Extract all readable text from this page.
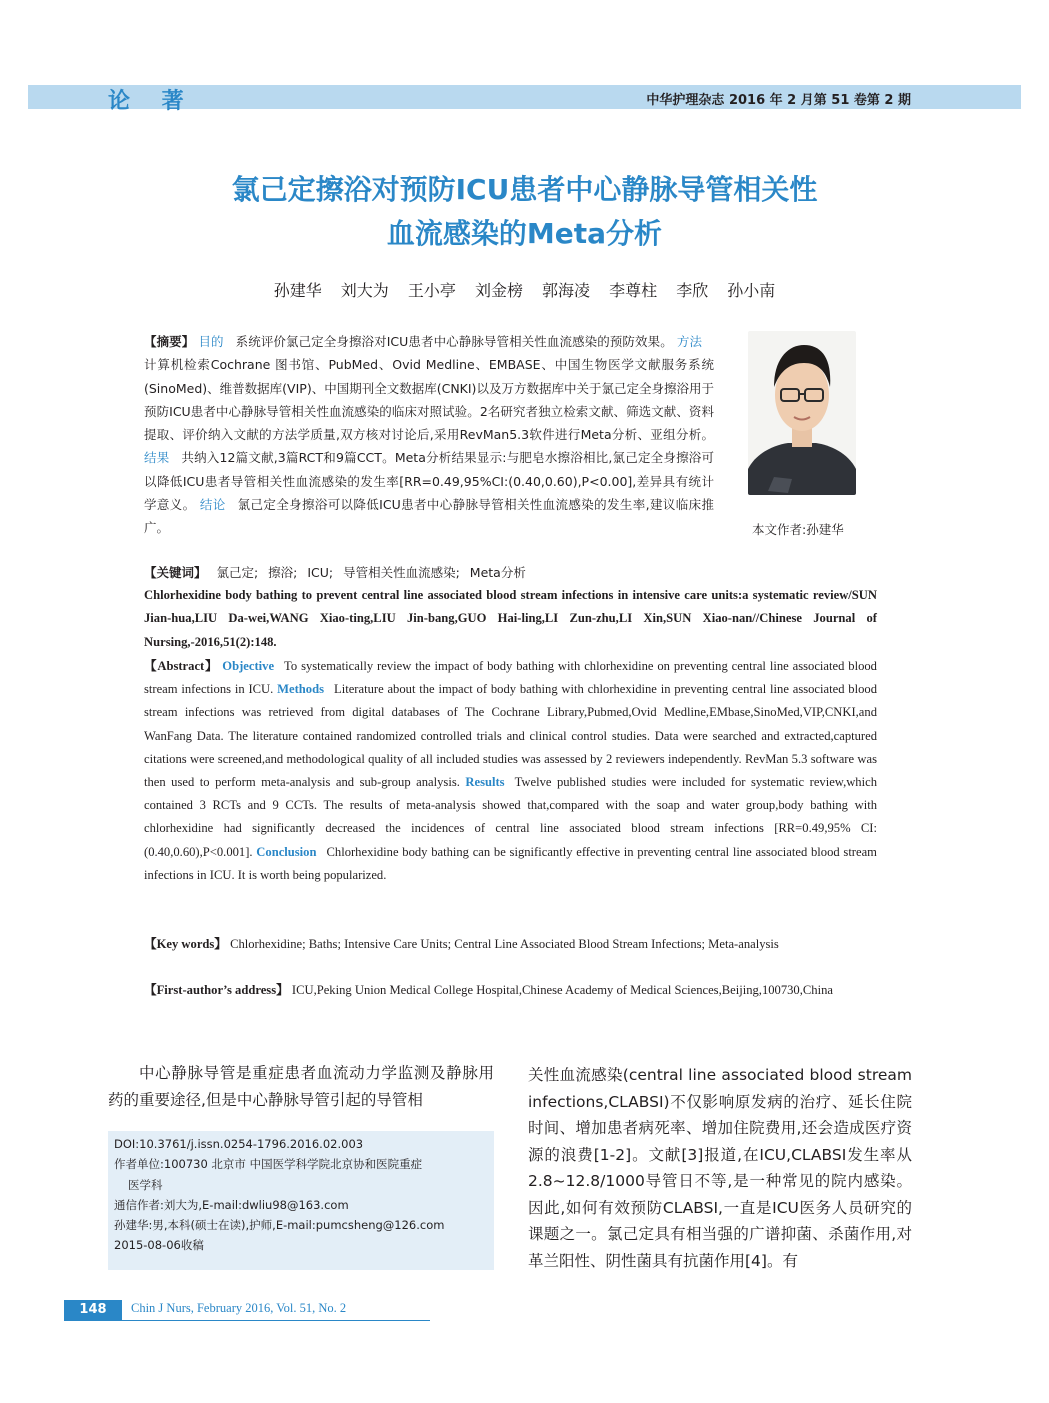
论 著	中华护理杂志 2016 年 2 月第 51 卷第 2 期
氯己定擦浴对预防ICU患者中心静脉导管相关性
血流感染的Meta分析
孙建华 刘大为 王小亭 刘金榜 郭海凌 李尊柱 李欣 孙小南
【摘要】 目的 系统评价氯己定全身擦浴对ICU患者中心静脉导管相关性血流感染的预防效果。 方法计算机检索Cochrane 图书馆、PubMed、Ovid Medline、EMBASE、中国生物医学文献服务系统(SinoMed)、维普数据库(VIP)、中国期刊全文数据库(CNKI)以及万方数据库中关于氯己定全身擦浴用于预防ICU患者中心静脉导管相关性血流感染的临床对照试验。2名研究者独立检索文献、筛选文献、资料提取、评价纳入文献的方法学质量,双方核对讨论后,采用RevMan5.3软件进行Meta分析、亚组分析。 结果 共纳入12篇文献,3篇RCT和9篇CCT。Meta分析结果显示:与肥皂水擦浴相比,氯己定全身擦浴可以降低ICU患者导管相关性血流感染的发生率[RR=0.49,95%CI:(0.40,0.60),P<0.00],差异具有统计学意义。 结论 氯己定全身擦浴可以降低ICU患者中心静脉导管相关性血流感染的发生率,建议临床推广。	本文作者:孙建华
【关键词】 氯己定; 擦浴; ICU; 导管相关性血流感染; Meta分析
Chlorhexidine body bathing to prevent central line associated blood stream infections in intensive care units:a systematic review/SUN Jian-hua,LIU Da-wei,WANG Xiao-ting,LIU Jin-bang,GUO Hai-ling,LI Zun-zhu,LI Xin,SUN Xiao-nan//Chinese Journal of Nursing,-2016,51(2):148.
【Abstract】 Objective To systematically review the impact of body bathing with chlorhexidine on preventing central line associated blood stream infections in ICU. Methods Literature about the impact of body bathing with chlorhexidine in preventing central line associated blood stream infections was retrieved from digital databases of The Cochrane Library,Pubmed,Ovid Medline,EMbase,SinoMed,VIP,CNKI,and WanFang Data. The literature contained randomized controlled trials and clinical control studies. Data were searched and extracted,captured citations were screened,and methodological quality of all included studies was assessed by 2 reviewers independently. RevMan 5.3 software was then used to perform meta-analysis and sub-group analysis. Results Twelve published studies were included for systematic review,which contained 3 RCTs and 9 CCTs. The results of meta-analysis showed that,compared with the soap and water group,body bathing with chlorhexidine had significantly decreased the incidences of central line associated blood stream infections [RR=0.49,95% CI:(0.40,0.60),P<0.001]. Conclusion Chlorhexidine body bathing can be significantly effective in preventing central line associated blood stream infections in ICU. It is worth being popularized.
【Key words】 Chlorhexidine; Baths; Intensive Care Units; Central Line Associated Blood Stream Infections; Meta-analysis
【First-author’s address】 ICU,Peking Union Medical College Hospital,Chinese Academy of Medical Sciences,Beijing,100730,China
中心静脉导管是重症患者血流动力学监测及静脉用药的重要途径,但是中心静脉导管引起的导管相
关性血流感染(central line associated blood stream infections,CLABSI)不仅影响原发病的治疗、延长住院时间、增加患者病死率、增加住院费用,还会造成医疗资源的浪费[1-2]。文献[3]报道,在ICU,CLABSI发生率从2.8~12.8/1000导管日不等,是一种常见的院内感染。因此,如何有效预防CLABSI,一直是ICU医务人员研究的课题之一。氯己定具有相当强的广谱抑菌、杀菌作用,对革兰阳性、阴性菌具有抗菌作用[4]。有
DOI:10.3761/j.issn.0254-1796.2016.02.003
作者单位:100730 北京市 中国医学科学院北京协和医院重症
医学科
通信作者:刘大为,E-mail:dwliu98@163.com
孙建华:男,本科(硕士在读),护师,E-mail:pumcsheng@126.com
2015-08-06收稿
148	Chin J Nurs, February 2016, Vol. 51, No. 2
